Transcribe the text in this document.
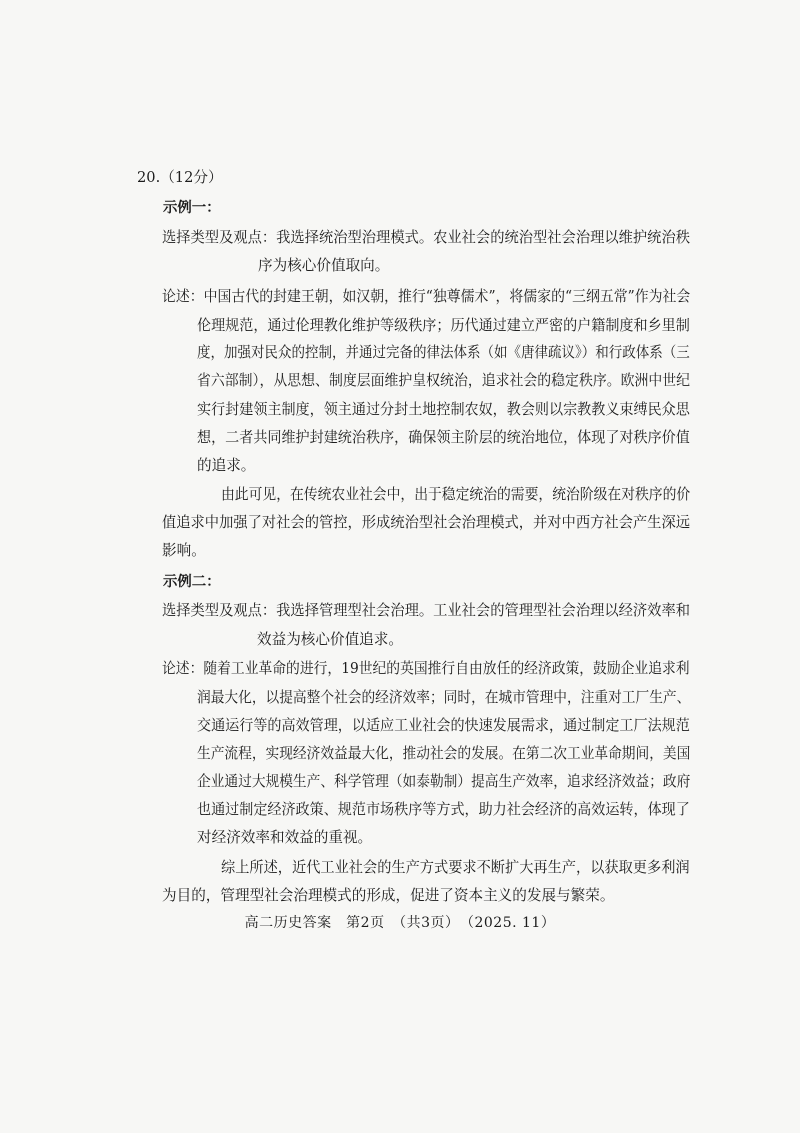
20.（12分）
示例一：
选择类型及观点：我选择统治型治理模式。农业社会的统治型社会治理以维护统治秩
序为核心价值取向。
论述：中国古代的封建王朝，如汉朝，推行“独尊儒术”，将儒家的“三纲五常”作为社会
伦理规范，通过伦理教化维护等级秩序；历代通过建立严密的户籍制度和乡里制
度，加强对民众的控制，并通过完备的律法体系（如《唐律疏议》）和行政体系（三
省六部制），从思想、制度层面维护皇权统治，追求社会的稳定秩序。欧洲中世纪
实行封建领主制度，领主通过分封土地控制农奴，教会则以宗教教义束缚民众思
想，二者共同维护封建统治秩序，确保领主阶层的统治地位，体现了对秩序价值
的追求。
由此可见，在传统农业社会中，出于稳定统治的需要，统治阶级在对秩序的价
值追求中加强了对社会的管控，形成统治型社会治理模式，并对中西方社会产生深远
影响。
示例二：
选择类型及观点：我选择管理型社会治理。工业社会的管理型社会治理以经济效率和
效益为核心价值追求。
论述：随着工业革命的进行，19世纪的英国推行自由放任的经济政策，鼓励企业追求利
润最大化，以提高整个社会的经济效率；同时，在城市管理中，注重对工厂生产、
交通运行等的高效管理，以适应工业社会的快速发展需求，通过制定工厂法规范
生产流程，实现经济效益最大化，推动社会的发展。在第二次工业革命期间，美国
企业通过大规模生产、科学管理（如泰勒制）提高生产效率，追求经济效益；政府
也通过制定经济政策、规范市场秩序等方式，助力社会经济的高效运转，体现了
对经济效率和效益的重视。
综上所述，近代工业社会的生产方式要求不断扩大再生产，以获取更多利润
为目的，管理型社会治理模式的形成，促进了资本主义的发展与繁荣。
高二历史答案　第2页　（共3页）　（2025. 11）
